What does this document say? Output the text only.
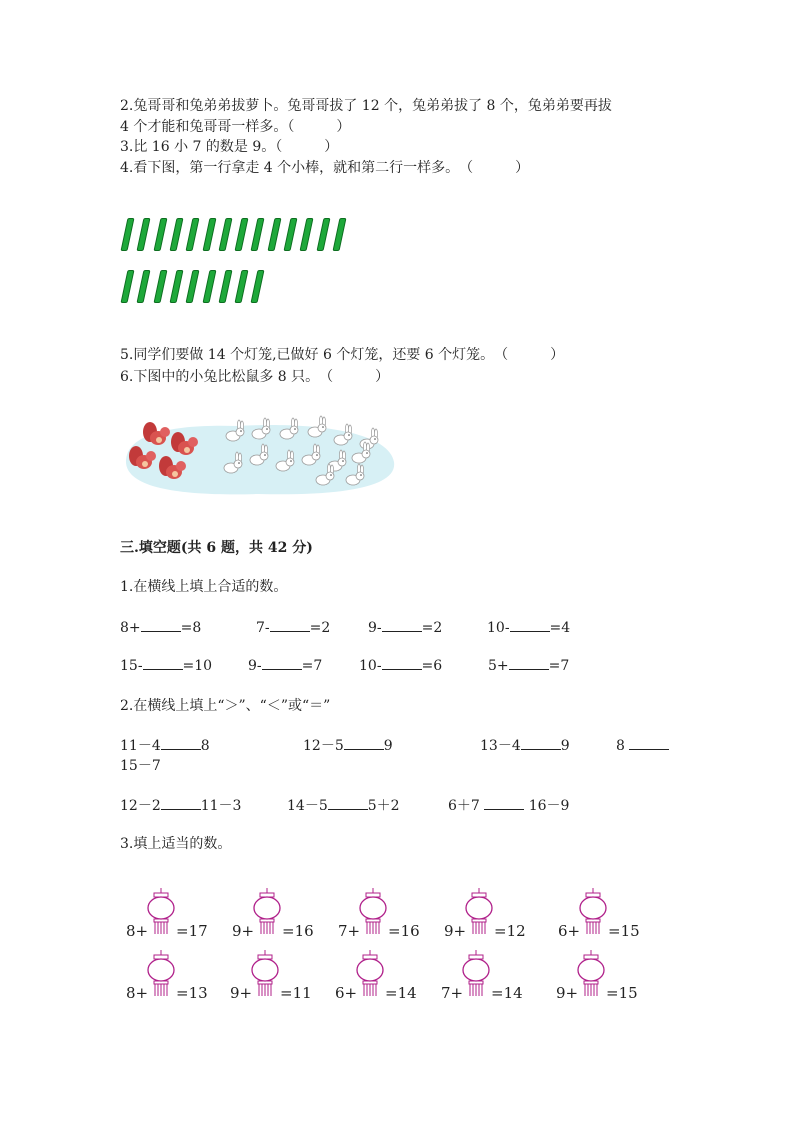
2.兔哥哥和兔弟弟拔萝卜。兔哥哥拔了 12 个，兔弟弟拔了 8 个，兔弟弟要再拔
4 个才能和兔哥哥一样多。（　　　）
3.比 16 小 7 的数是 9。（　　　）
4.看下图，第一行拿走 4 个小棒，就和第二行一样多。　（　　　）
5.同学们要做 14 个灯笼,已做好 6 个灯笼，还要 6 个灯笼。　（　　　）
6.下图中的小兔比松鼠多 8 只。　（　　　）
三.填空题(共 6 题，共 42 分)
1.在横线上填上合适的数。
8+	=8	7-	=2	9-	=2	10-	=4
15-	=10	9-	=7	10-	=6	5+	=7
2.在横线上填上“＞”、“＜”或“＝”
11－4	8	12－5	9	13－4	9	8
15－7
12－2	11－3	14－5	5＋2	6＋7	16－9
3.填上适当的数。
8+ =17 9+ =16 7+ =16 9+ =12 6+ =15
8+ =13 9+ =11 6+ =14 7+ =14 9+ =15
